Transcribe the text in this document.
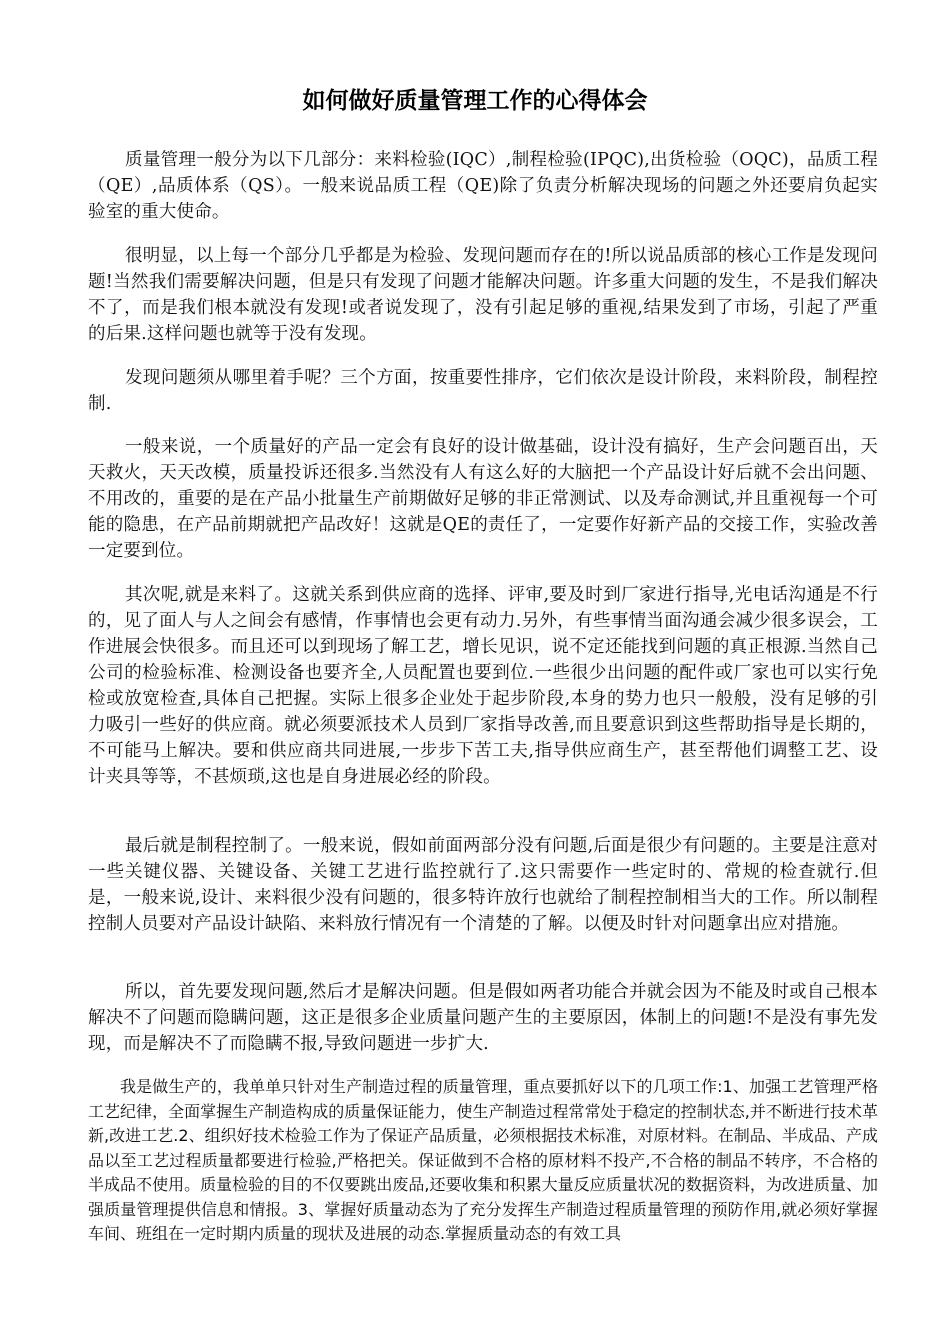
如何做好质量管理工作的心得体会

质量管理一般分为以下几部分：来料检验(IQC）,制程检验(IPQC),出货检验（OQC)，品质工程（QE）,品质体系（QS）。一般来说品质工程（QE)除了负责分析解决现场的问题之外还要肩负起实验室的重大使命。

很明显，以上每一个部分几乎都是为检验、发现问题而存在的!所以说品质部的核心工作是发现问题!当然我们需要解决问题，但是只有发现了问题才能解决问题。许多重大问题的发生，不是我们解决不了，而是我们根本就没有发现!或者说发现了，没有引起足够的重视,结果发到了市场，引起了严重的后果.这样问题也就等于没有发现。

发现问题须从哪里着手呢？三个方面，按重要性排序，它们依次是设计阶段，来料阶段，制程控制.

一般来说，一个质量好的产品一定会有良好的设计做基础，设计没有搞好，生产会问题百出，天天救火，天天改模，质量投诉还很多.当然没有人有这么好的大脑把一个产品设计好后就不会出问题、不用改的，重要的是在产品小批量生产前期做好足够的非正常测试、以及寿命测试,并且重视每一个可能的隐患，在产品前期就把产品改好！这就是QE的责任了，一定要作好新产品的交接工作，实验改善一定要到位。

其次呢,就是来料了。这就关系到供应商的选择、评审,要及时到厂家进行指导,光电话沟通是不行的，见了面人与人之间会有感情，作事情也会更有动力.另外，有些事情当面沟通会减少很多误会，工作进展会快很多。而且还可以到现场了解工艺，增长见识，说不定还能找到问题的真正根源.当然自己公司的检验标准、检测设备也要齐全,人员配置也要到位.一些很少出问题的配件或厂家也可以实行免检或放宽检查,具体自己把握。实际上很多企业处于起步阶段,本身的势力也只一般般，没有足够的引力吸引一些好的供应商。就必须要派技术人员到厂家指导改善,而且要意识到这些帮助指导是长期的，不可能马上解决。要和供应商共同进展,一步步下苦工夫,指导供应商生产，甚至帮他们调整工艺、设计夹具等等，不甚烦琐,这也是自身进展必经的阶段。

最后就是制程控制了。一般来说，假如前面两部分没有问题,后面是很少有问题的。主要是注意对一些关键仪器、关键设备、关键工艺进行监控就行了.这只需要作一些定时的、常规的检查就行.但是，一般来说,设计、来料很少没有问题的，很多特许放行也就给了制程控制相当大的工作。所以制程控制人员要对产品设计缺陷、来料放行情况有一个清楚的了解。以便及时针对问题拿出应对措施。

所以，首先要发现问题,然后才是解决问题。但是假如两者功能合并就会因为不能及时或自己根本解决不了问题而隐瞒问题，这正是很多企业质量问题产生的主要原因，体制上的问题!不是没有事先发现，而是解决不了而隐瞒不报,导致问题进一步扩大.

我是做生产的，我单单只针对生产制造过程的质量管理，重点要抓好以下的几项工作:1、加强工艺管理严格工艺纪律，全面掌握生产制造构成的质量保证能力，使生产制造过程常常处于稳定的控制状态,并不断进行技术革新,改进工艺.2、组织好技术检验工作为了保证产品质量，必须根据技术标准，对原材料。在制品、半成品、产成品以至工艺过程质量都要进行检验,严格把关。保证做到不合格的原材料不投产,不合格的制品不转序，不合格的半成品不使用。质量检验的目的不仅要跳出废品,还要收集和积累大量反应质量状况的数据资料，为改进质量、加强质量管理提供信息和情报。3、掌握好质量动态为了充分发挥生产制造过程质量管理的预防作用,就必须好掌握车间、班组在一定时期内质量的现状及进展的动态.掌握质量动态的有效工具
